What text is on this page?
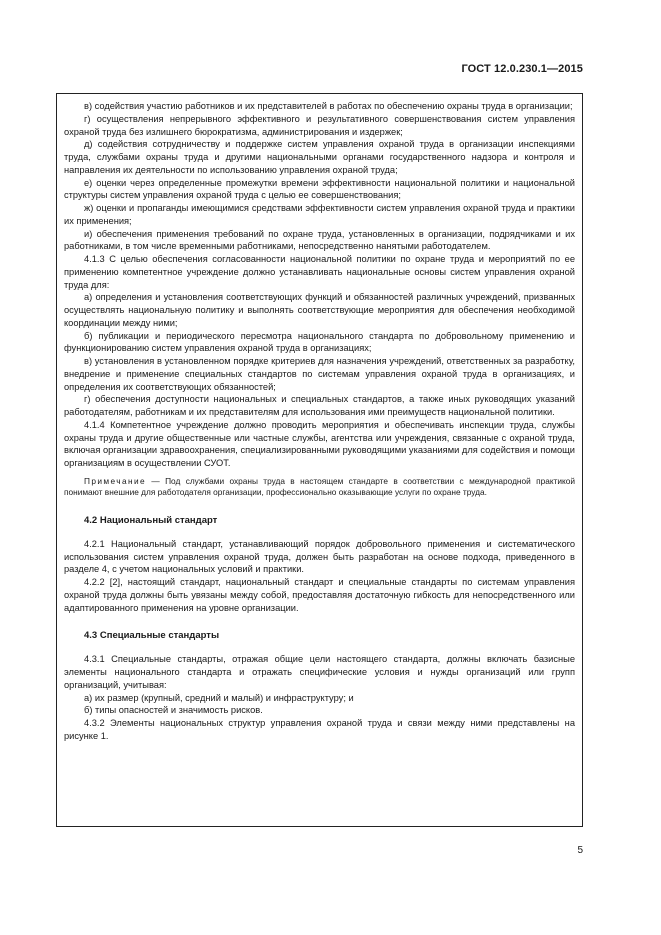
ГОСТ 12.0.230.1—2015

в) содействия участию работников и их представителей в работах по обеспечению охраны труда в организации;

г) осуществления непрерывного эффективного и результативного совершенствования систем управления охраной труда без излишнего бюрократизма, администрирования и издержек;

д) содействия сотрудничеству и поддержке систем управления охраной труда в организации инспекциями труда, службами охраны труда и другими национальными органами государственного надзора и контроля и направления их деятельности по использованию управления охраной труда;

е) оценки через определенные промежутки времени эффективности национальной политики и национальной структуры систем управления охраной труда с целью ее совершенствования;

ж) оценки и пропаганды имеющимися средствами эффективности систем управления охраной труда и практики их применения;

и) обеспечения применения требований по охране труда, установленных в организации, подрядчиками и их работниками, в том числе временными работниками, непосредственно нанятыми работодателем.

4.1.3 С целью обеспечения согласованности национальной политики по охране труда и мероприятий по ее применению компетентное учреждение должно устанавливать национальные основы систем управления охраной труда для:

а) определения и установления соответствующих функций и обязанностей различных учреждений, призванных осуществлять национальную политику и выполнять соответствующие мероприятия для обеспечения необходимой координации между ними;

б) публикации и периодического пересмотра национального стандарта по добровольному применению и функционированию систем управления охраной труда в организациях;

в) установления в установленном порядке критериев для назначения учреждений, ответственных за разработку, внедрение и применение специальных стандартов по системам управления охраной труда в организациях, и определения их соответствующих обязанностей;

г) обеспечения доступности национальных и специальных стандартов, а также иных руководящих указаний работодателям, работникам и их представителям для использования ими преимуществ национальной политики.

4.1.4 Компетентное учреждение должно проводить мероприятия и обеспечивать инспекции труда, службы охраны труда и другие общественные или частные службы, агентства или учреждения, связанные с охраной труда, включая организации здравоохранения, специализированными руководящими указаниями для содействия и помощи организациям в осуществлении СУОТ.

Примечание — Под службами охраны труда в настоящем стандарте в соответствии с международной практикой понимают внешние для работодателя организации, профессионально оказывающие услуги по охране труда.

4.2 Национальный стандарт

4.2.1 Национальный стандарт, устанавливающий порядок добровольного применения и систематического использования систем управления охраной труда, должен быть разработан на основе подхода, приведенного в разделе 4, с учетом национальных условий и практики.

4.2.2 [2], настоящий стандарт, национальный стандарт и специальные стандарты по системам управления охраной труда должны быть увязаны между собой, предоставляя достаточную гибкость для непосредственного или адаптированного применения на уровне организации.

4.3 Специальные стандарты

4.3.1 Специальные стандарты, отражая общие цели настоящего стандарта, должны включать базисные элементы национального стандарта и отражать специфические условия и нужды организаций или групп организаций, учитывая:

а) их размер (крупный, средний и малый) и инфраструктуру; и

б) типы опасностей и значимость рисков.

4.3.2 Элементы национальных структур управления охраной труда и связи между ними представлены на рисунке 1.

5
